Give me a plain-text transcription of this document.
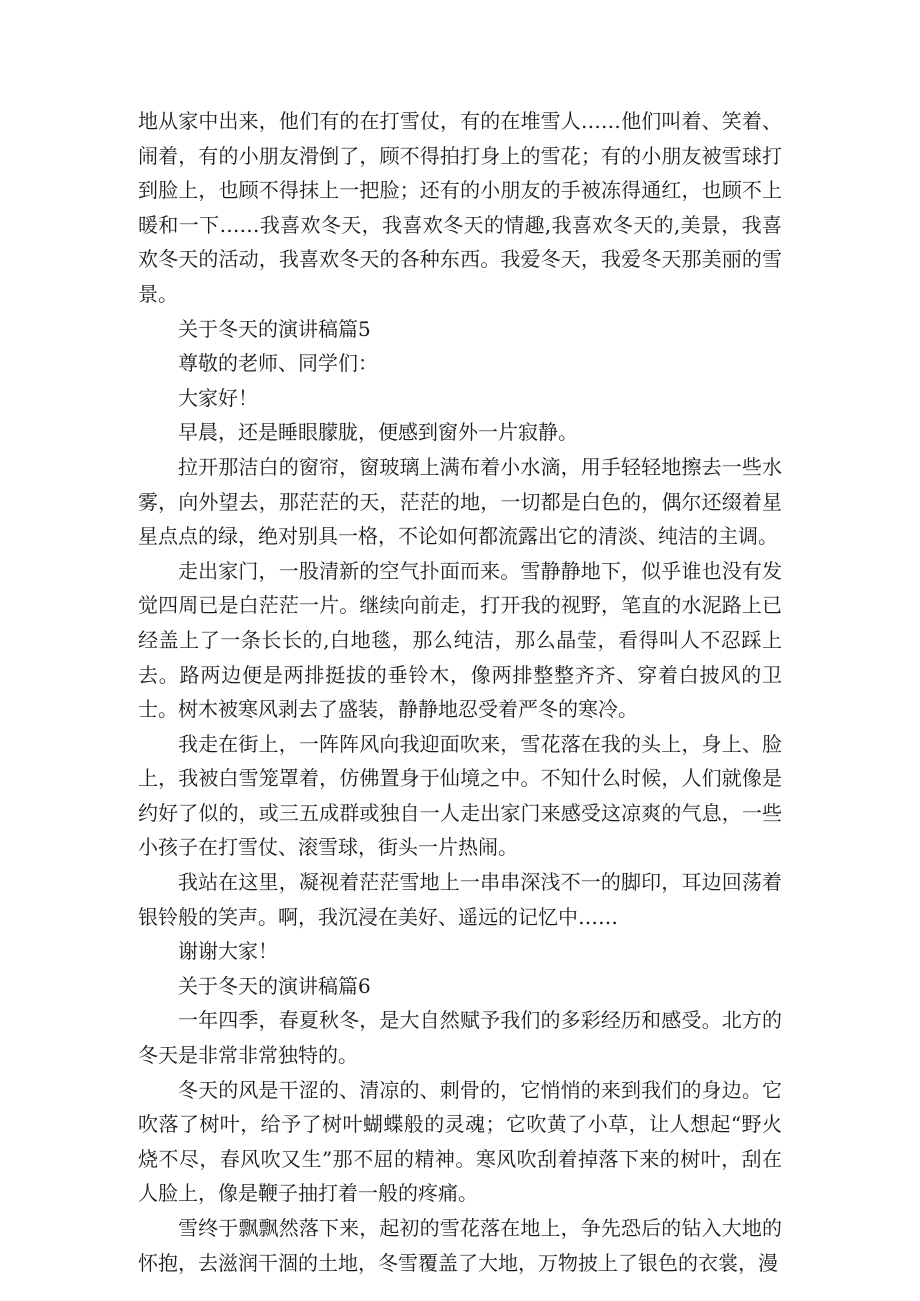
地从家中出来，他们有的在打雪仗，有的在堆雪人……他们叫着、笑着、闹着，有的小朋友滑倒了，顾不得拍打身上的雪花；有的小朋友被雪球打到脸上，也顾不得抹上一把脸；还有的小朋友的手被冻得通红，也顾不上暖和一下……我喜欢冬天，我喜欢冬天的情趣,我喜欢冬天的,美景，我喜欢冬天的活动，我喜欢冬天的各种东西。我爱冬天，我爱冬天那美丽的雪景。

关于冬天的演讲稿篇5

尊敬的老师、同学们：

大家好！

早晨，还是睡眼朦胧，便感到窗外一片寂静。

拉开那洁白的窗帘，窗玻璃上满布着小水滴，用手轻轻地擦去一些水雾，向外望去，那茫茫的天，茫茫的地，一切都是白色的，偶尔还缀着星星点点的绿，绝对别具一格，不论如何都流露出它的清淡、纯洁的主调。

走出家门，一股清新的空气扑面而来。雪静静地下，似乎谁也没有发觉四周已是白茫茫一片。继续向前走，打开我的视野，笔直的水泥路上已经盖上了一条长长的,白地毯，那么纯洁，那么晶莹，看得叫人不忍踩上去。路两边便是两排挺拔的垂铃木，像两排整整齐齐、穿着白披风的卫士。树木被寒风剥去了盛装，静静地忍受着严冬的寒冷。

我走在街上，一阵阵风向我迎面吹来，雪花落在我的头上，身上、脸上，我被白雪笼罩着，仿佛置身于仙境之中。不知什么时候，人们就像是约好了似的，或三五成群或独自一人走出家门来感受这凉爽的气息，一些小孩子在打雪仗、滚雪球，街头一片热闹。

我站在这里，凝视着茫茫雪地上一串串深浅不一的脚印，耳边回荡着银铃般的笑声。啊，我沉浸在美好、遥远的记忆中……

谢谢大家！

关于冬天的演讲稿篇6

一年四季，春夏秋冬，是大自然赋予我们的多彩经历和感受。北方的冬天是非常非常独特的。

冬天的风是干涩的、清凉的、刺骨的，它悄悄的来到我们的身边。它吹落了树叶，给予了树叶蝴蝶般的灵魂；它吹黄了小草，让人想起“野火烧不尽，春风吹又生”那不屈的精神。寒风吹刮着掉落下来的树叶，刮在人脸上，像是鞭子抽打着一般的疼痛。

雪终于飘飘然落下来，起初的雪花落在地上，争先恐后的钻入大地的怀抱，去滋润干涸的土地，冬雪覆盖了大地，万物披上了银色的衣裳，漫
